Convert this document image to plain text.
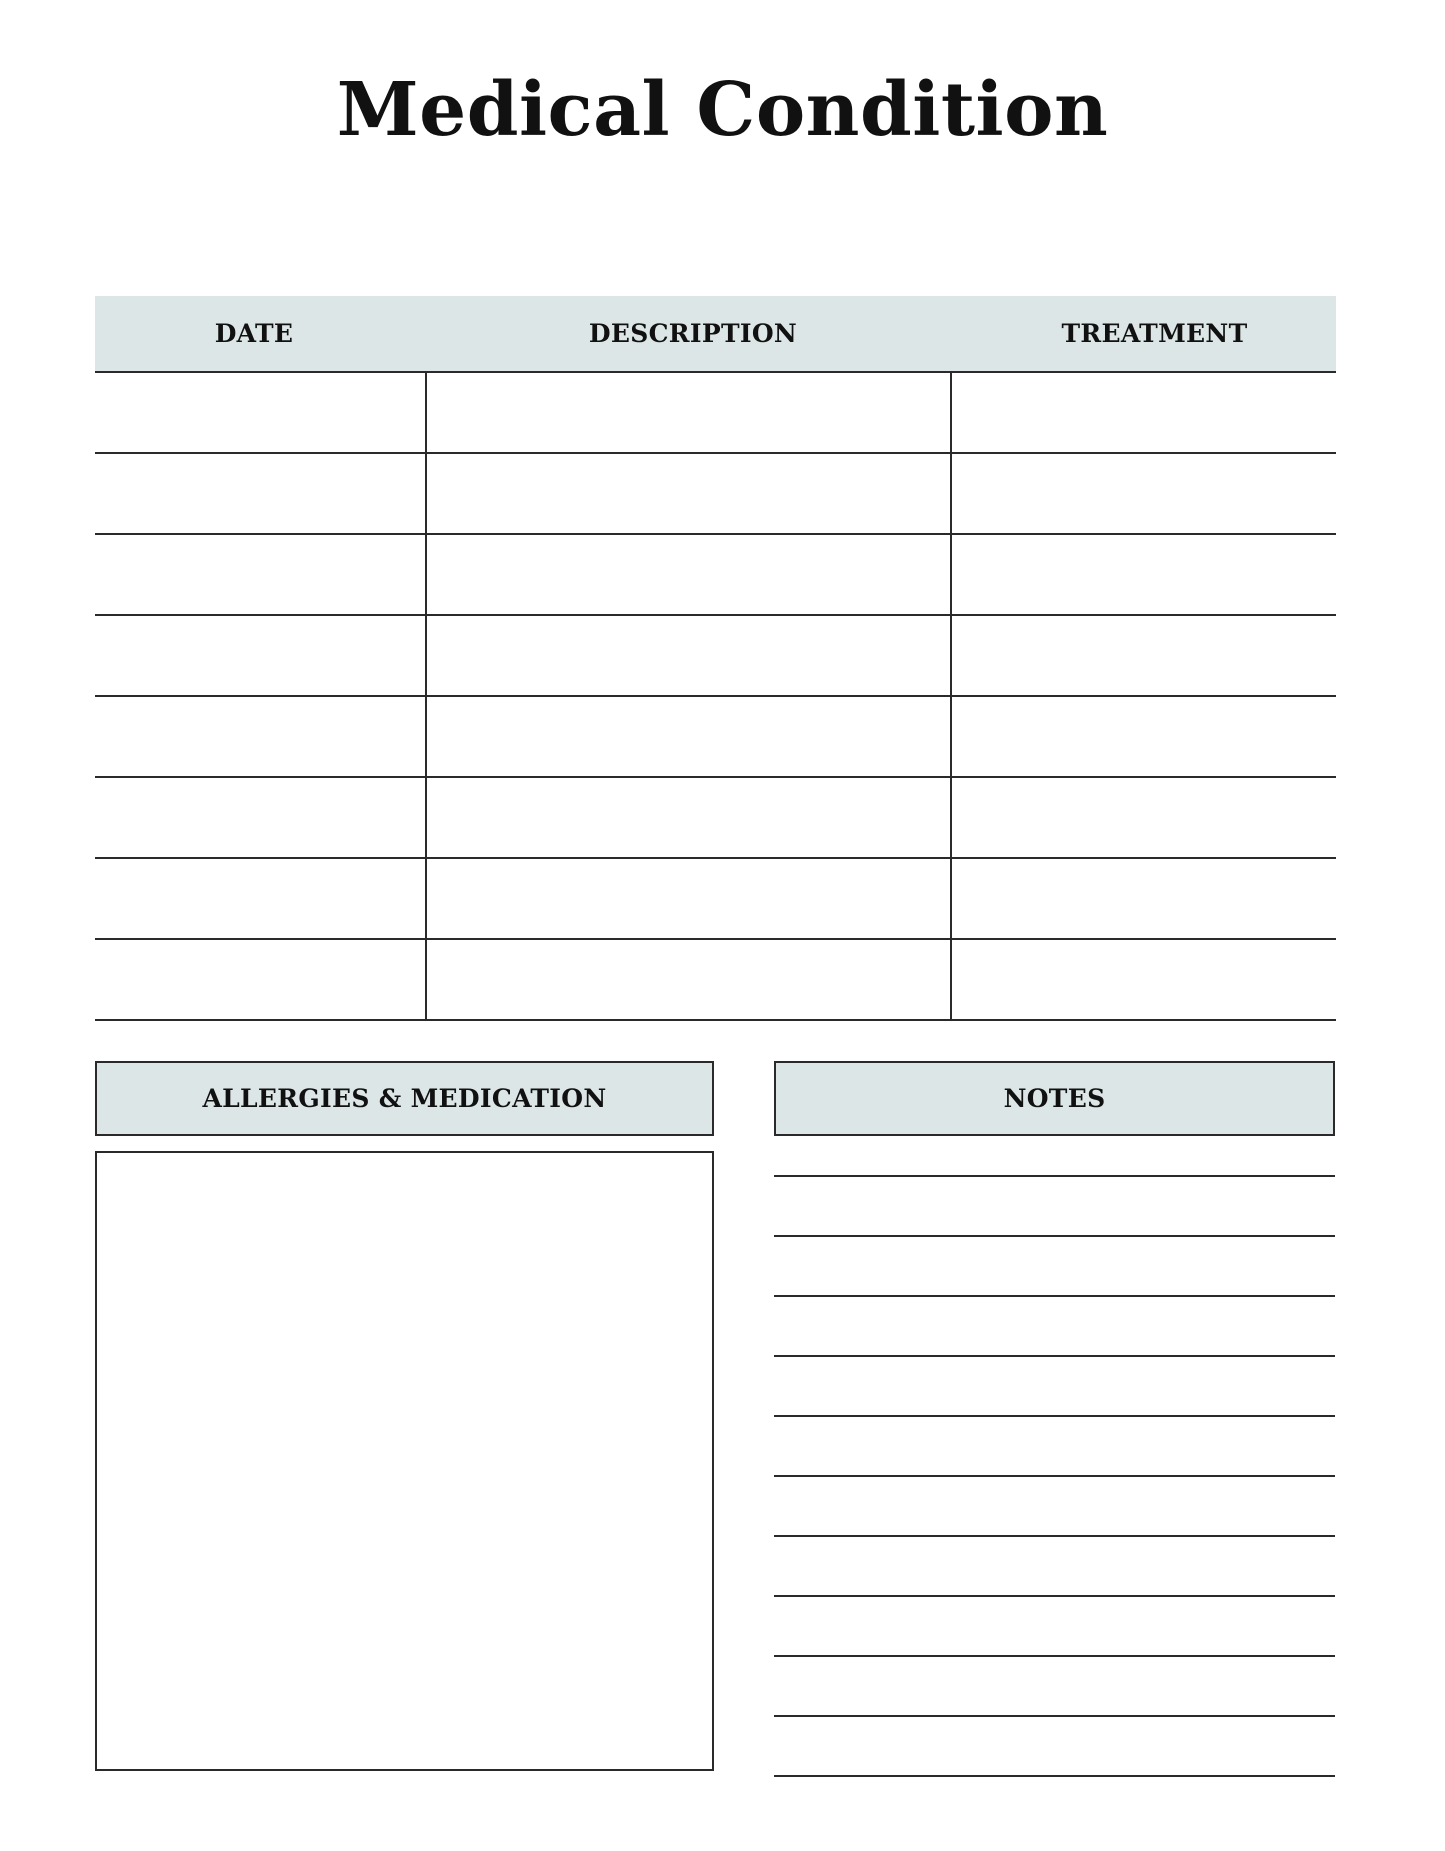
Medical Condition
DATE	DESCRIPTION	TREATMENT
ALLERGIES & MEDICATION	NOTES
